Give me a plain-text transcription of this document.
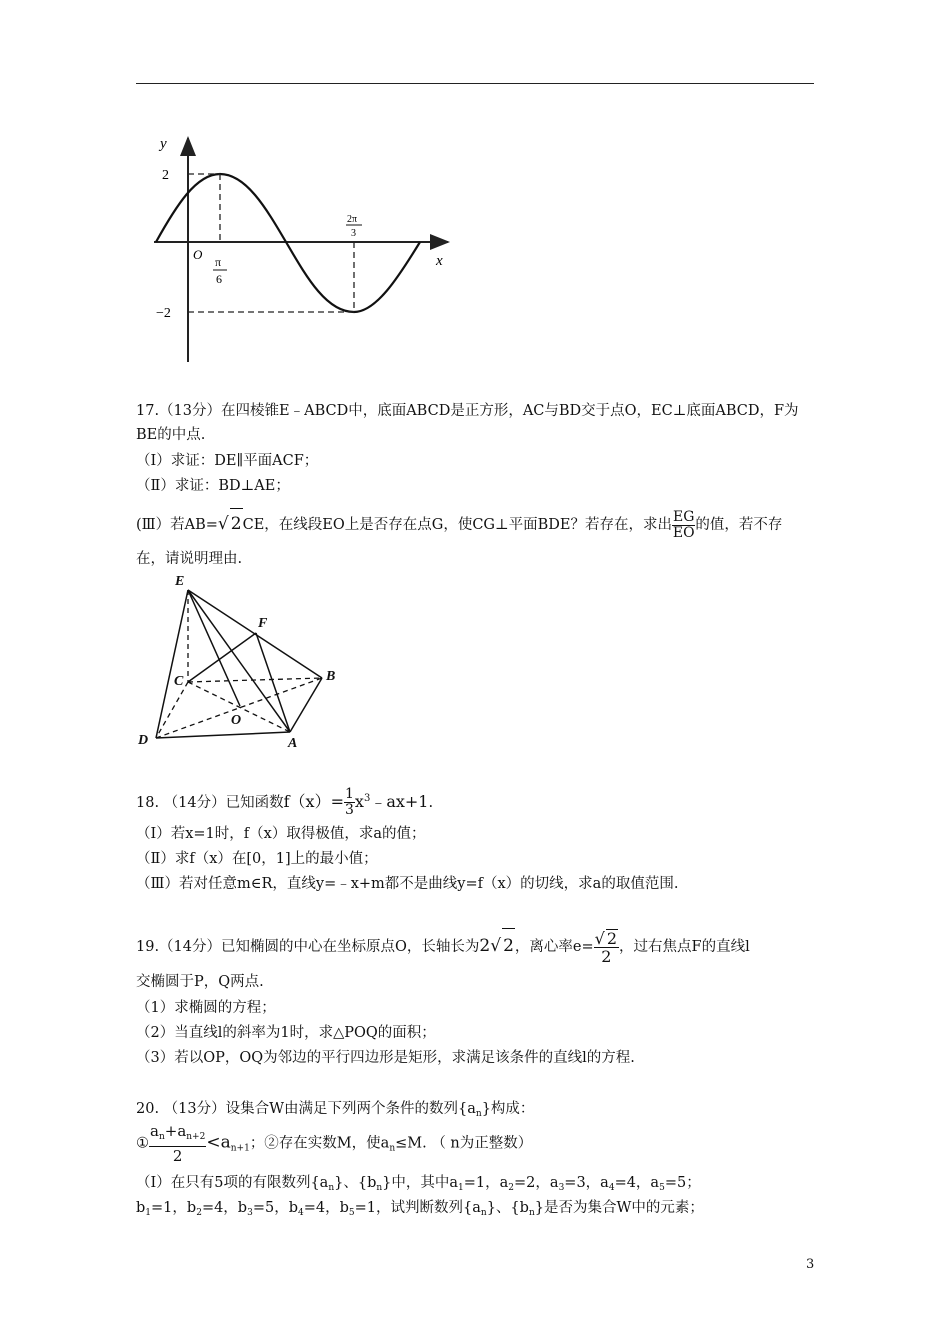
y
x
O
2
−2
π
6
2π
3
17.（13分）在四棱锥E﹣ABCD中，底面ABCD是正方形，AC与BD交于点O，EC⊥底面ABCD，F为
BE的中点.
（Ⅰ）求证：DE∥平面ACF；
（Ⅱ）求证：BD⊥AE；
(Ⅲ）若AB=√ 2CE，在线段EO上是否存在点G，使CG⊥平面BDE？若存在，求出 $\frac{EG}{EO}$ 的值，若不存
在，请说明理由.
E
F
B
C
O
D	A
18. （14分）已知函数$f(x)= \frac{1}{3}$ $x^3﹣ax+1$.
（Ⅰ）若x=1时，f（x）取得极值，求a的值；
（Ⅱ）求f（x）在[0，1]上的最小值；
（Ⅲ）若对任意m∈R，直线y=﹣x+m都不是曲线y=f（x）的切线，求a的取值范围.
19.（14分）已知椭圆的中心在坐标原点O，长轴长为2√ 2，离心率$e= \frac{√ 2}{2}$ ，过右焦点F的直线l
交椭圆于P，Q两点.
（1）求椭圆的方程；
（2）当直线l的斜率为1时，求△POQ的面积；
（3）若以OP，OQ为邻边的平行四边形是矩形，求满足该条件的直线l的方程.
20. （13分）设集合W由满足下列两个条件的数列$\{a_n\}$构成：
① $\frac{a_n+a_{n+2}}{2} <a_{n+1}$；②存在实数M，使$a_n\le M$. （ n为正整数）
（Ⅰ）在只有5项的有限数列$\{a_n\}$、$\{b_n\}$中，其中$a_1=1$，$a_2=2$，$a_3=3$，$a_4=4$，$a_5=5$；
$b_1=1$，$b_2=4$，$b_3=5$，$b_4=4$，$b_5=1$，试判断数列$\{a_n\}$、$\{b_n\}$是否为集合W中的元素；
3
